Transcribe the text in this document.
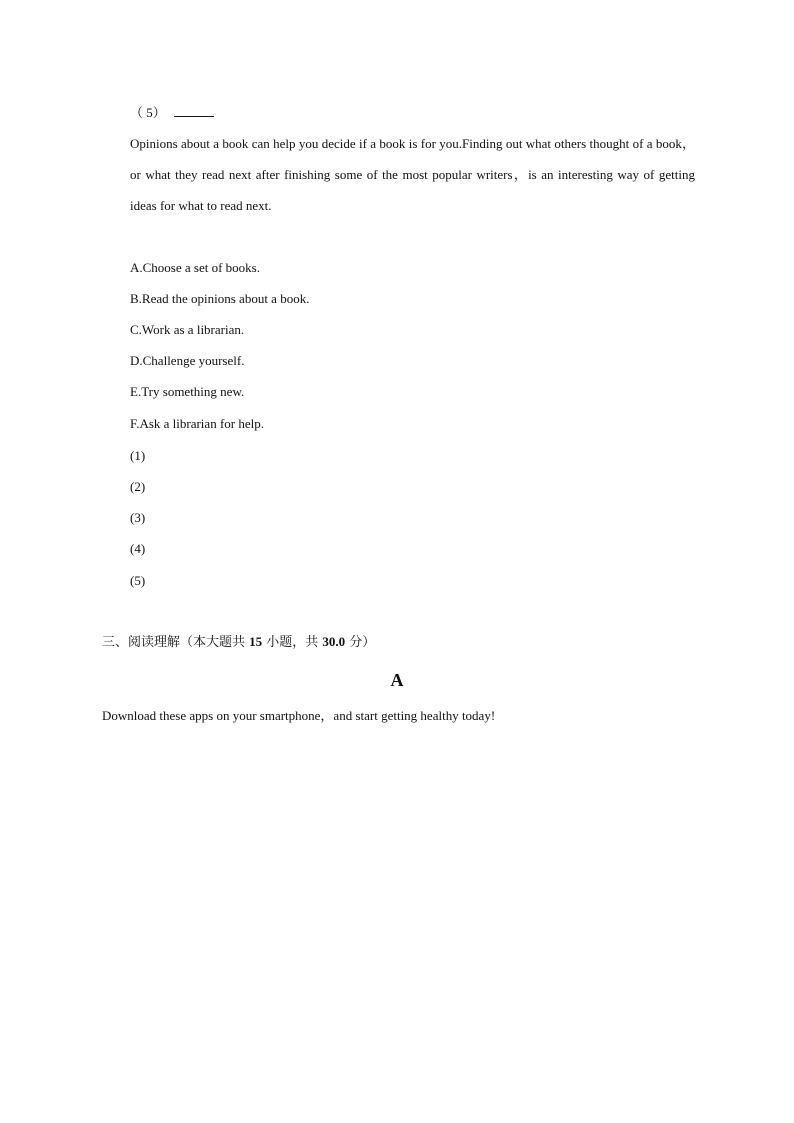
（ 5）
Opinions about a book can help you decide if a book is for you.Finding out what others thought of a book，or what they read next after finishing some of the most popular writers，is an interesting way of getting ideas for what to read next.
A.Choose a set of books.
B.Read the opinions about a book.
C.Work as a librarian.
D.Challenge yourself.
E.Try something new.
F.Ask a librarian for help.
(1)
(2)
(3)
(4)
(5)
三、阅读理解（本大题共 15 小题，共 30.0 分）
A
Download these apps on your smartphone，and start getting healthy today!
